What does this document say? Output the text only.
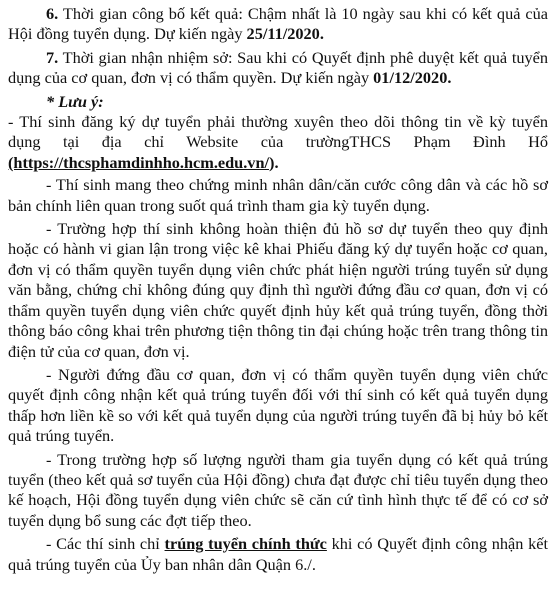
6. Thời gian công bố kết quả: Chậm nhất là 10 ngày sau khi có kết quả của Hội đồng tuyển dụng. Dự kiến ngày 25/11/2020.

7. Thời gian nhận nhiệm sở: Sau khi có Quyết định phê duyệt kết quả tuyển dụng của cơ quan, đơn vị có thẩm quyền. Dự kiến ngày 01/12/2020.

* Lưu ý:

- Thí sinh đăng ký dự tuyển phải thường xuyên theo dõi thông tin về kỳ tuyển dụng tại địa chỉ Website của trườngTHCS Phạm Đình Hổ (https://thcsphamdinhho.hcm.edu.vn/).

- Thí sinh mang theo chứng minh nhân dân/căn cước công dân và các hồ sơ bản chính liên quan trong suốt quá trình tham gia kỳ tuyển dụng.

- Trường hợp thí sinh không hoàn thiện đủ hồ sơ dự tuyển theo quy định hoặc có hành vi gian lận trong việc kê khai Phiếu đăng ký dự tuyển hoặc cơ quan, đơn vị có thẩm quyền tuyển dụng viên chức phát hiện người trúng tuyển sử dụng văn bằng, chứng chỉ không đúng quy định thì người đứng đầu cơ quan, đơn vị có thẩm quyền tuyển dụng viên chức quyết định hủy kết quả trúng tuyển, đồng thời thông báo công khai trên phương tiện thông tin đại chúng hoặc trên trang thông tin điện tử của cơ quan, đơn vị.

- Người đứng đầu cơ quan, đơn vị có thẩm quyền tuyển dụng viên chức quyết định công nhận kết quả trúng tuyển đối với thí sinh có kết quả tuyển dụng thấp hơn liền kề so với kết quả tuyển dụng của người trúng tuyển đã bị hủy bỏ kết quả trúng tuyển.

- Trong trường hợp số lượng người tham gia tuyển dụng có kết quả trúng tuyển (theo kết quả sơ tuyển của Hội đồng) chưa đạt được chỉ tiêu tuyển dụng theo kế hoạch, Hội đồng tuyển dụng viên chức sẽ căn cứ tình hình thực tế để có cơ sở tuyển dụng bổ sung các đợt tiếp theo.

- Các thí sinh chỉ trúng tuyển chính thức khi có Quyết định công nhận kết quả trúng tuyển của Ủy ban nhân dân Quận 6./.
